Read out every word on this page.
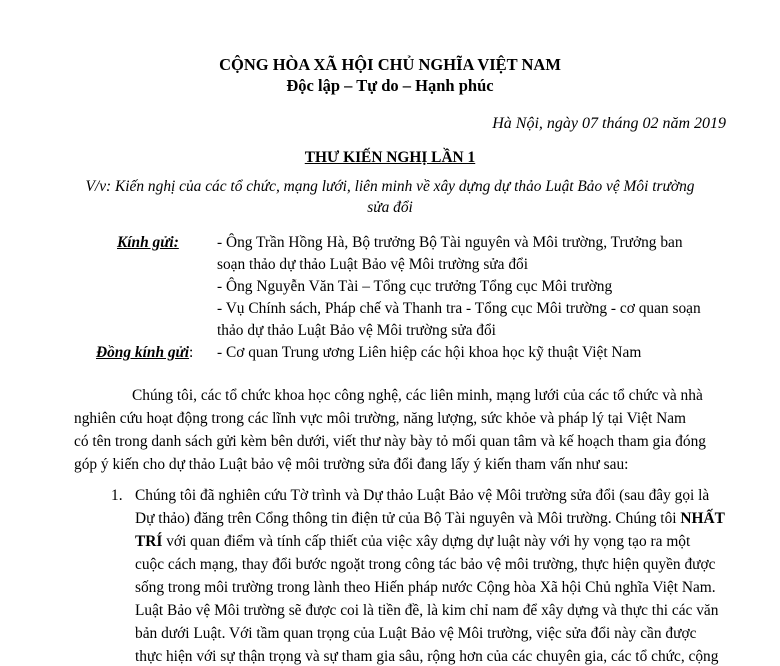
CỘNG HÒA XÃ HỘI CHỦ NGHĨA VIỆT NAM
Độc lập – Tự do – Hạnh phúc
Hà Nội, ngày 07 tháng 02 năm 2019
THƯ KIẾN NGHỊ LẦN 1
V/v: Kiến nghị của các tổ chức, mạng lưới, liên minh về xây dựng dự thảo Luật Bảo vệ Môi trường
sửa đổi
Kính gửi: - Ông Trần Hồng Hà, Bộ trưởng Bộ Tài nguyên và Môi trường, Trưởng ban
soạn thảo dự thảo Luật Bảo vệ Môi trường sửa đổi
- Ông Nguyễn Văn Tài – Tổng cục trưởng Tổng cục Môi trường
- Vụ Chính sách, Pháp chế và Thanh tra - Tổng cục Môi trường - cơ quan soạn
thảo dự thảo Luật Bảo vệ Môi trường sửa đổi
Đồng kính gửi: - Cơ quan Trung ương Liên hiệp các hội khoa học kỹ thuật Việt Nam
Chúng tôi, các tổ chức khoa học công nghệ, các liên minh, mạng lưới của các tổ chức và nhà
nghiên cứu hoạt động trong các lĩnh vực môi trường, năng lượng, sức khỏe và pháp lý tại Việt Nam
có tên trong danh sách gửi kèm bên dưới, viết thư này bày tỏ mối quan tâm và kế hoạch tham gia đóng
góp ý kiến cho dự thảo Luật bảo vệ môi trường sửa đổi đang lấy ý kiến tham vấn như sau:
1. Chúng tôi đã nghiên cứu Tờ trình và Dự thảo Luật Bảo vệ Môi trường sửa đổi (sau đây gọi là
Dự thảo) đăng trên Cổng thông tin điện tử của Bộ Tài nguyên và Môi trường. Chúng tôi NHẤT
TRÍ với quan điểm và tính cấp thiết của việc xây dựng dự luật này với hy vọng tạo ra một
cuộc cách mạng, thay đổi bước ngoặt trong công tác bảo vệ môi trường, thực hiện quyền được
sống trong môi trường trong lành theo Hiến pháp nước Cộng hòa Xã hội Chủ nghĩa Việt Nam.
Luật Bảo vệ Môi trường sẽ được coi là tiền đề, là kim chỉ nam để xây dựng và thực thi các văn
bản dưới Luật. Với tầm quan trọng của Luật Bảo vệ Môi trường, việc sửa đổi này cần được
thực hiện với sự thận trọng và sự tham gia sâu, rộng hơn của các chuyên gia, các tổ chức, cộng
